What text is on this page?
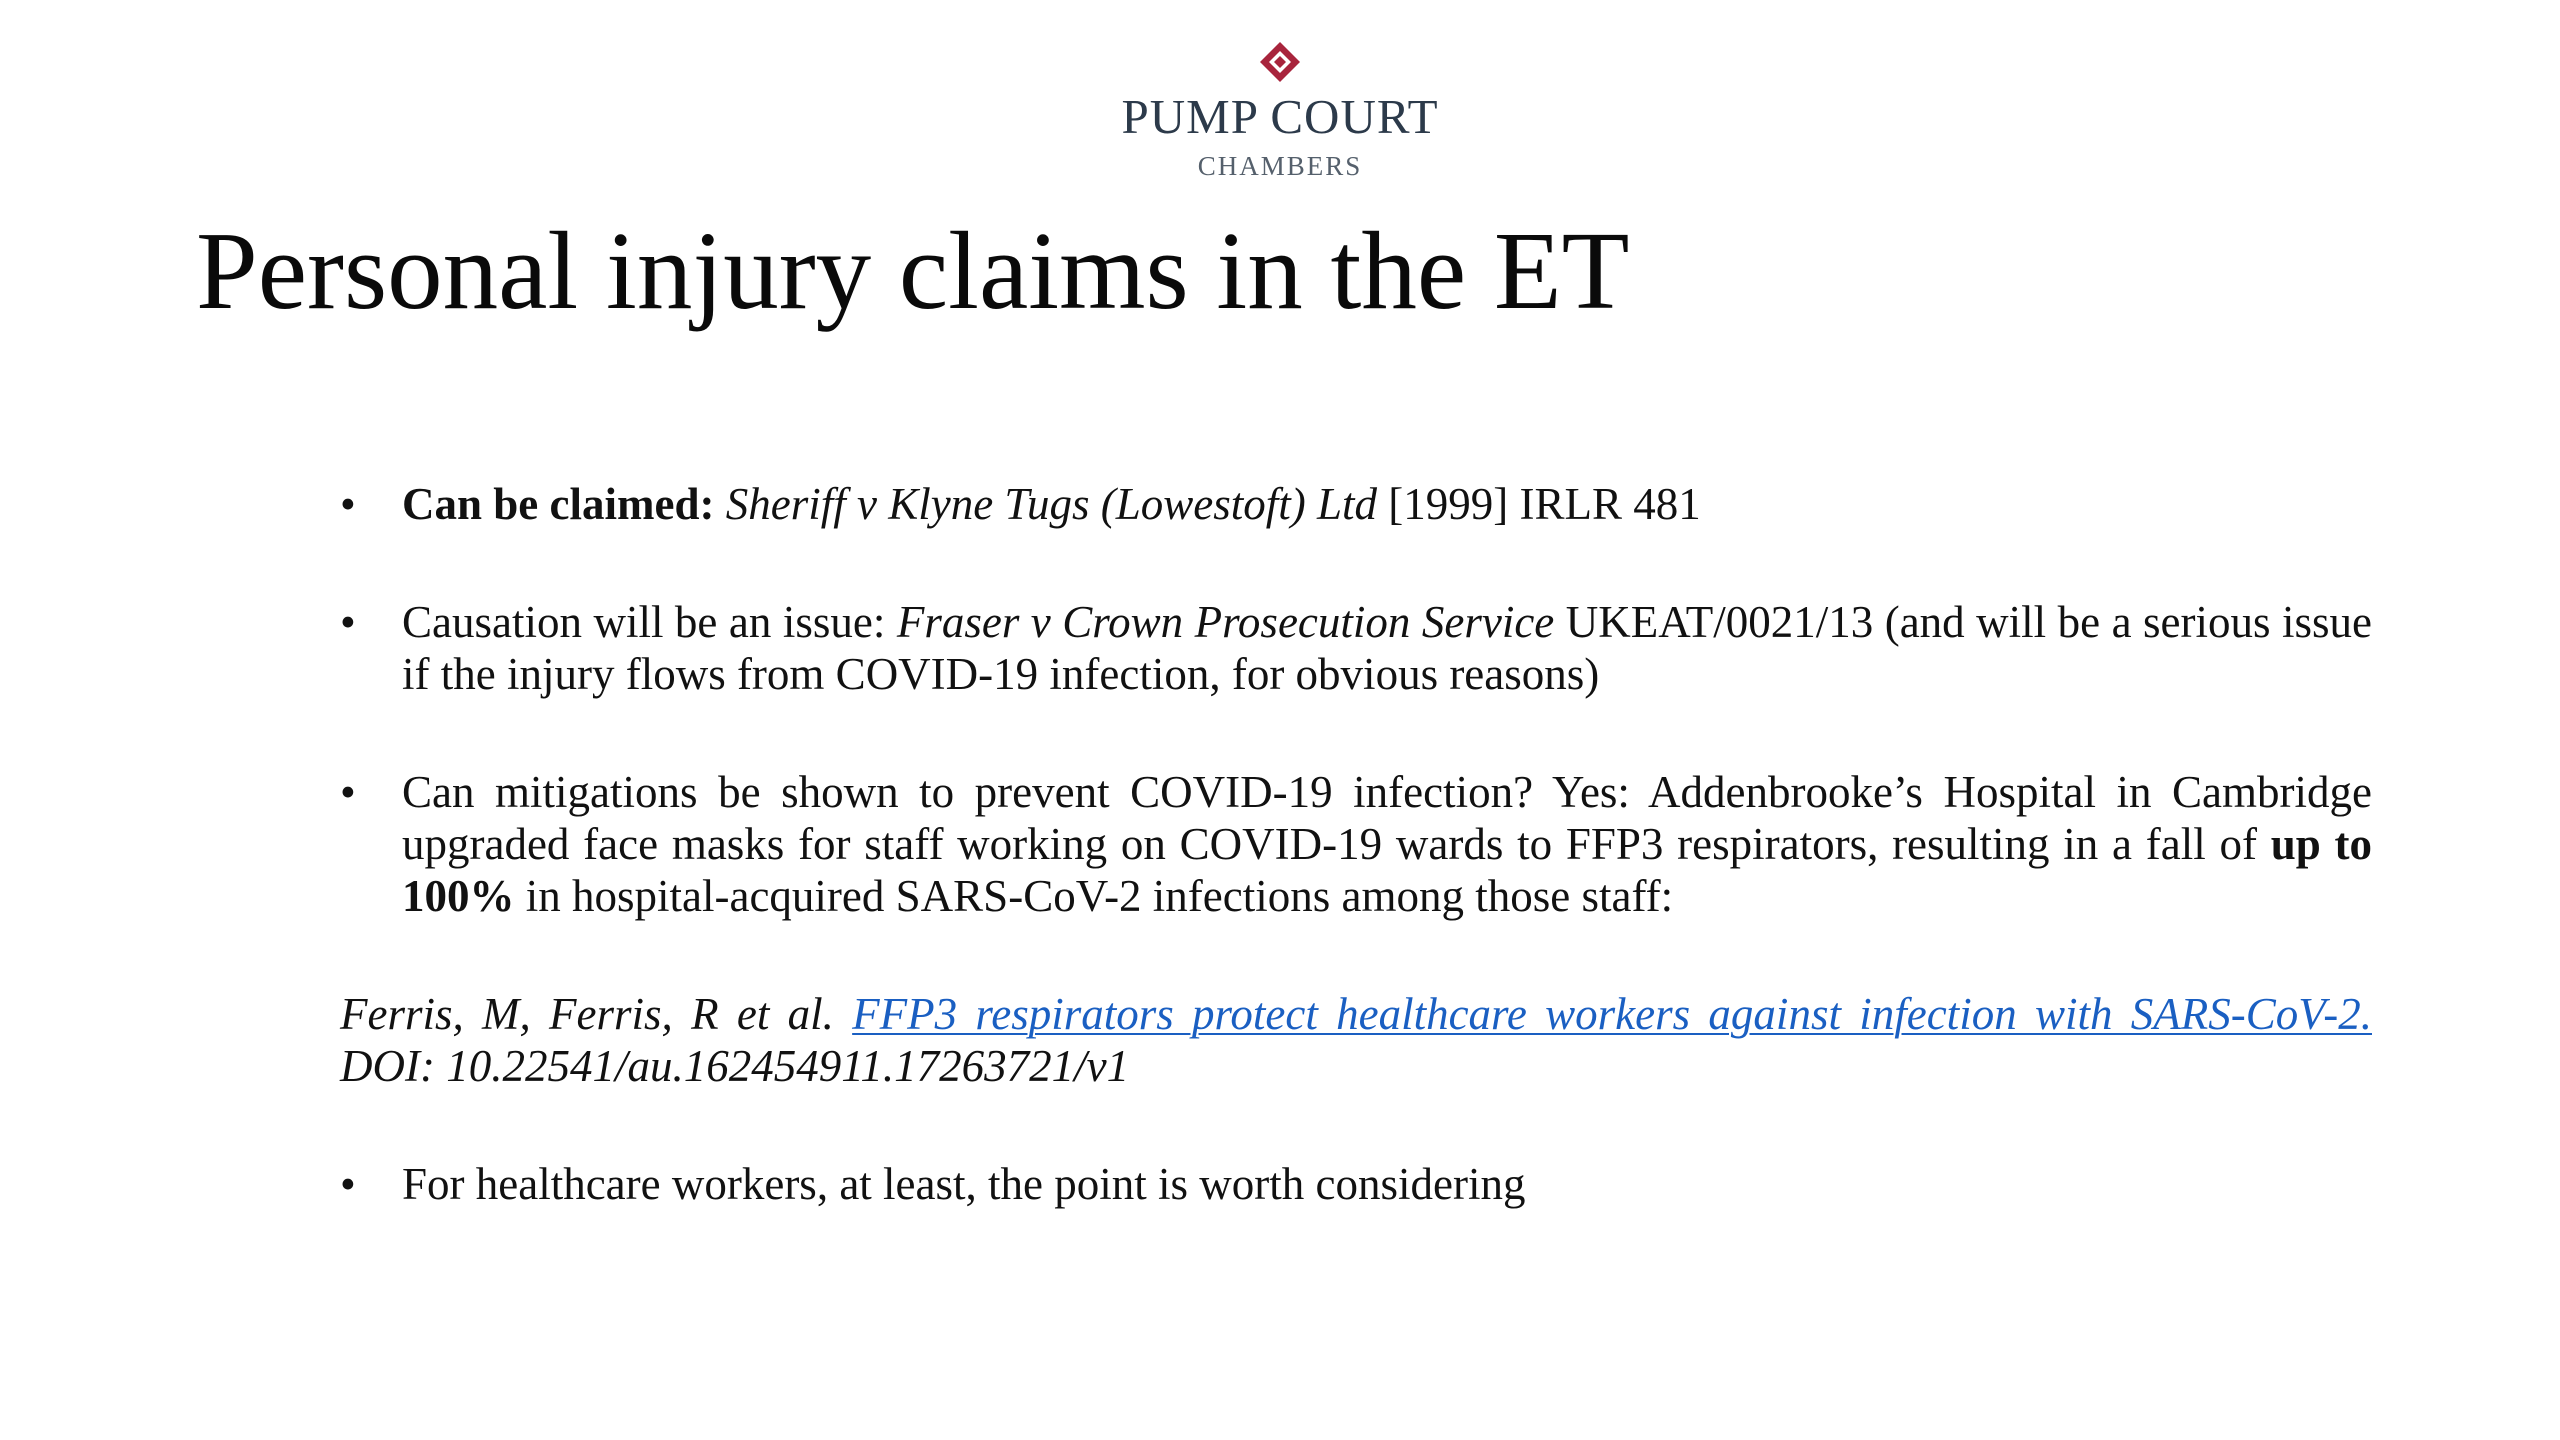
PUMP COURT
CHAMBERS
Personal injury claims in the ET
• Can be claimed: Sheriff v Klyne Tugs (Lowestoft) Ltd [1999] IRLR 481
• Causation will be an issue: Fraser v Crown Prosecution Service UKEAT/0021/13 (and will be a serious issue if the injury flows from COVID-19 infection, for obvious reasons)
• Can mitigations be shown to prevent COVID-19 infection? Yes: Addenbrooke’s Hospital in Cambridge upgraded face masks for staff working on COVID-19 wards to FFP3 respirators, resulting in a fall of up to 100% in hospital-acquired SARS-CoV-2 infections among those staff:
Ferris, M, Ferris, R et al. FFP3 respirators protect healthcare workers against infection with SARS-CoV-2. DOI: 10.22541/au.162454911.17263721/v1
• For healthcare workers, at least, the point is worth considering
